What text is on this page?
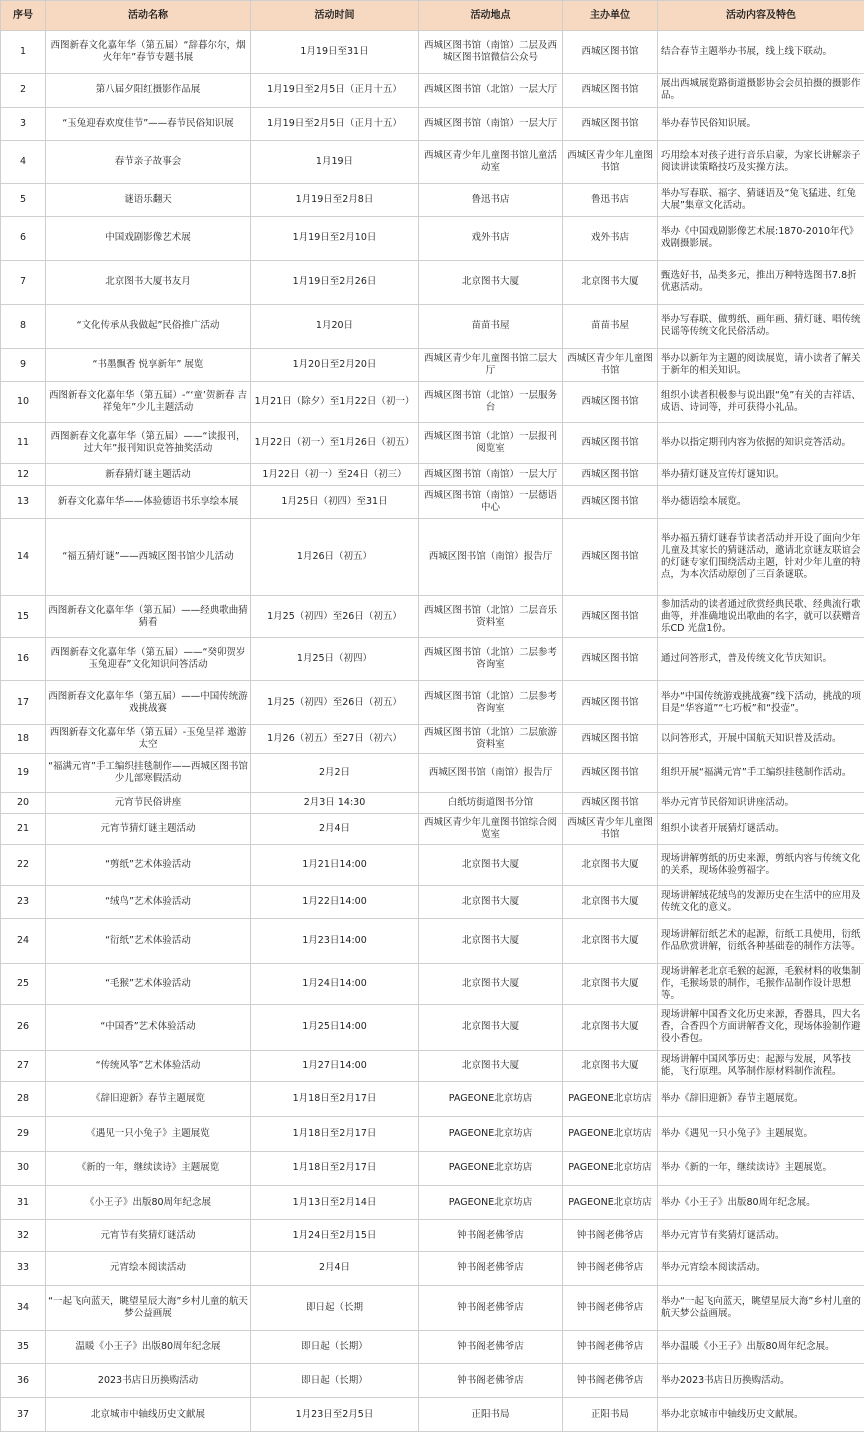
序号	活动名称	活动时间	活动地点	主办单位	活动内容及特色
1	西图新春文化嘉年华（第五届）“辞暮尔尔，烟火年年”春节专题书展	1月19日至31日	西城区图书馆（南馆）二层及西城区图书馆微信公众号	西城区图书馆	结合春节主题举办书展，线上线下联动。
2	第八届夕阳红摄影作品展	1月19日至2月5日（正月十五）	西城区图书馆（北馆）一层大厅	西城区图书馆	展出西城展览路街道摄影协会会员拍摄的摄影作品。
3	“玉兔迎春欢度佳节”——春节民俗知识展	1月19日至2月5日（正月十五）	西城区图书馆（南馆）一层大厅	西城区图书馆	举办春节民俗知识展。
4	春节亲子故事会	1月19日	西城区青少年儿童图书馆儿童活动室	西城区青少年儿童图书馆	巧用绘本对孩子进行音乐启蒙，为家长讲解亲子阅读讲读策略技巧及实操方法。
5	谜语乐翻天	1月19日至2月8日	鲁迅书店	鲁迅书店	举办写春联、福字、猜谜语及“兔飞猛进、红兔大展”集章文化活动。
6	中国戏剧影像艺术展	1月19日至2月10日	戏外书店	戏外书店	举办《中国戏剧影像艺术展:1870-2010年代》戏剧摄影展。
7	北京图书大厦书友月	1月19日至2月26日	北京图书大厦	北京图书大厦	甄选好书，品类多元，推出万种特选图书7.8折优惠活动。
8	“文化传承从我做起”民俗推广活动	1月20日	苗苗书屋	苗苗书屋	举办写春联、做剪纸、画年画、猜灯谜、唱传统民谣等传统文化民俗活动。
9	“书墨飘香 悦享新年” 展览	1月20日至2月20日	西城区青少年儿童图书馆二层大厅	西城区青少年儿童图书馆	举办以新年为主题的阅读展览，请小读者了解关于新年的相关知识。
10	西图新春文化嘉年华（第五届）-“‘童’贺新春 吉祥兔年”少儿主题活动	1月21日（除夕）至1月22日（初一）	西城区图书馆（北馆）一层服务台	西城区图书馆	组织小读者积极参与说出跟“兔”有关的吉祥话、成语、诗词等，并可获得小礼品。
11	西图新春文化嘉年华（第五届）——“读报刊，过大年”报刊知识竞答抽奖活动	1月22日（初一）至1月26日（初五）	西城区图书馆（北馆）一层报刊阅览室	西城区图书馆	举办以指定期刊内容为依据的知识竞答活动。
12	新春猜灯谜主题活动	1月22日（初一）至24日（初三）	西城区图书馆（南馆）一层大厅	西城区图书馆	举办猜灯谜及宣传灯谜知识。
13	新春文化嘉年华——体验德语书乐享绘本展	1月25日（初四）至31日	西城区图书馆（南馆）一层德语中心	西城区图书馆	举办德语绘本展览。
14	“福五猜灯谜”——西城区图书馆少儿活动	1月26日（初五）	西城区图书馆（南馆）报告厅	西城区图书馆	举办福五猜灯谜春节读者活动并开设了面向少年儿童及其家长的猜谜活动，邀请北京谜友联谊会的灯谜专家们围绕活动主题，针对少年儿童的特点，为本次活动原创了三百条谜联。
15	西图新春文化嘉年华（第五届）——经典歌曲猜猜看	1月25（初四）至26日（初五）	西城区图书馆（北馆）二层音乐资料室	西城区图书馆	参加活动的读者通过欣赏经典民歌、经典流行歌曲等，并准确地说出歌曲的名字，就可以获赠音乐CD 光盘1份。
16	西图新春文化嘉年华（第五届）——“癸卯贺岁 玉兔迎春”文化知识问答活动	1月25日（初四）	西城区图书馆（北馆）二层参考咨询室	西城区图书馆	通过问答形式，普及传统文化节庆知识。
17	西图新春文化嘉年华（第五届）——中国传统游戏挑战赛	1月25（初四）至26日（初五）	西城区图书馆（北馆）二层参考咨询室	西城区图书馆	举办“中国传统游戏挑战赛”线下活动，挑战的项目是“华容道”“七巧板”和“投壶”。
18	西图新春文化嘉年华（第五届）-玉兔呈祥 遨游太空	1月26（初五）至27日（初六）	西城区图书馆（北馆）二层旅游资料室	西城区图书馆	以问答形式，开展中国航天知识普及活动。
19	“福满元宵”手工编织挂毯制作——西城区图书馆少儿部寒假活动	2月2日	西城区图书馆（南馆）报告厅	西城区图书馆	组织开展“福满元宵”手工编织挂毯制作活动。
20	元宵节民俗讲座	2月3日 14:30	白纸坊街道图书分馆	西城区图书馆	举办元宵节民俗知识讲座活动。
21	元宵节猜灯谜主题活动	2月4日	西城区青少年儿童图书馆综合阅览室	西城区青少年儿童图书馆	组织小读者开展猜灯谜活动。
22	“剪纸”艺术体验活动	1月21日14:00	北京图书大厦	北京图书大厦	现场讲解剪纸的历史来源，剪纸内容与传统文化的关系，现场体验剪福字。
23	“绒鸟”艺术体验活动	1月22日14:00	北京图书大厦	北京图书大厦	现场讲解绒花绒鸟的发源历史在生活中的应用及传统文化的意义。
24	“衍纸”艺术体验活动	1月23日14:00	北京图书大厦	北京图书大厦	现场讲解衍纸艺术的起源，衍纸工具使用，衍纸作品欣赏讲解，衍纸各种基础卷的制作方法等。
25	“毛猴”艺术体验活动	1月24日14:00	北京图书大厦	北京图书大厦	现场讲解老北京毛猴的起源，毛猴材料的收集制作，毛猴场景的制作，毛猴作品制作设计思想等。
26	“中国香”艺术体验活动	1月25日14:00	北京图书大厦	北京图书大厦	现场讲解中国香文化历史来源，香器具，四大名香，合香四个方面讲解香文化，现场体验制作避役小香包。
27	“传统风筝”艺术体验活动	1月27日14:00	北京图书大厦	北京图书大厦	现场讲解中国风筝历史：起源与发展，风筝技能，飞行原理。风筝制作原材料制作流程。
28	《辞旧迎新》春节主题展览	1月18日至2月17日	PAGEONE北京坊店	PAGEONE北京坊店	举办《辞旧迎新》春节主题展览。
29	《遇见一只小兔子》主题展览	1月18日至2月17日	PAGEONE北京坊店	PAGEONE北京坊店	举办《遇见一只小兔子》主题展览。
30	《新的一年，继续读诗》主题展览	1月18日至2月17日	PAGEONE北京坊店	PAGEONE北京坊店	举办《新的一年，继续读诗》主题展览。
31	《小王子》出版80周年纪念展	1月13日至2月14日	PAGEONE北京坊店	PAGEONE北京坊店	举办《小王子》出版80周年纪念展。
32	元宵节有奖猜灯谜活动	1月24日至2月15日	钟书阁老佛爷店	钟书阁老佛爷店	举办元宵节有奖猜灯谜活动。
33	元宵绘本阅读活动	2月4日	钟书阁老佛爷店	钟书阁老佛爷店	举办元宵绘本阅读活动。
34	“一起飞向蓝天，眺望星辰大海”乡村儿童的航天梦公益画展	即日起（长期	钟书阁老佛爷店	钟书阁老佛爷店	举办“一起飞向蓝天，眺望星辰大海”乡村儿童的航天梦公益画展。
35	温暖《小王子》出版80周年纪念展	即日起（长期）	钟书阁老佛爷店	钟书阁老佛爷店	举办温暖《小王子》出版80周年纪念展。
36	2023书店日历换购活动	即日起（长期）	钟书阁老佛爷店	钟书阁老佛爷店	举办2023书店日历换购活动。
37	北京城市中轴线历史文献展	1月23日至2月5日	正阳书局	正阳书局	举办北京城市中轴线历史文献展。
